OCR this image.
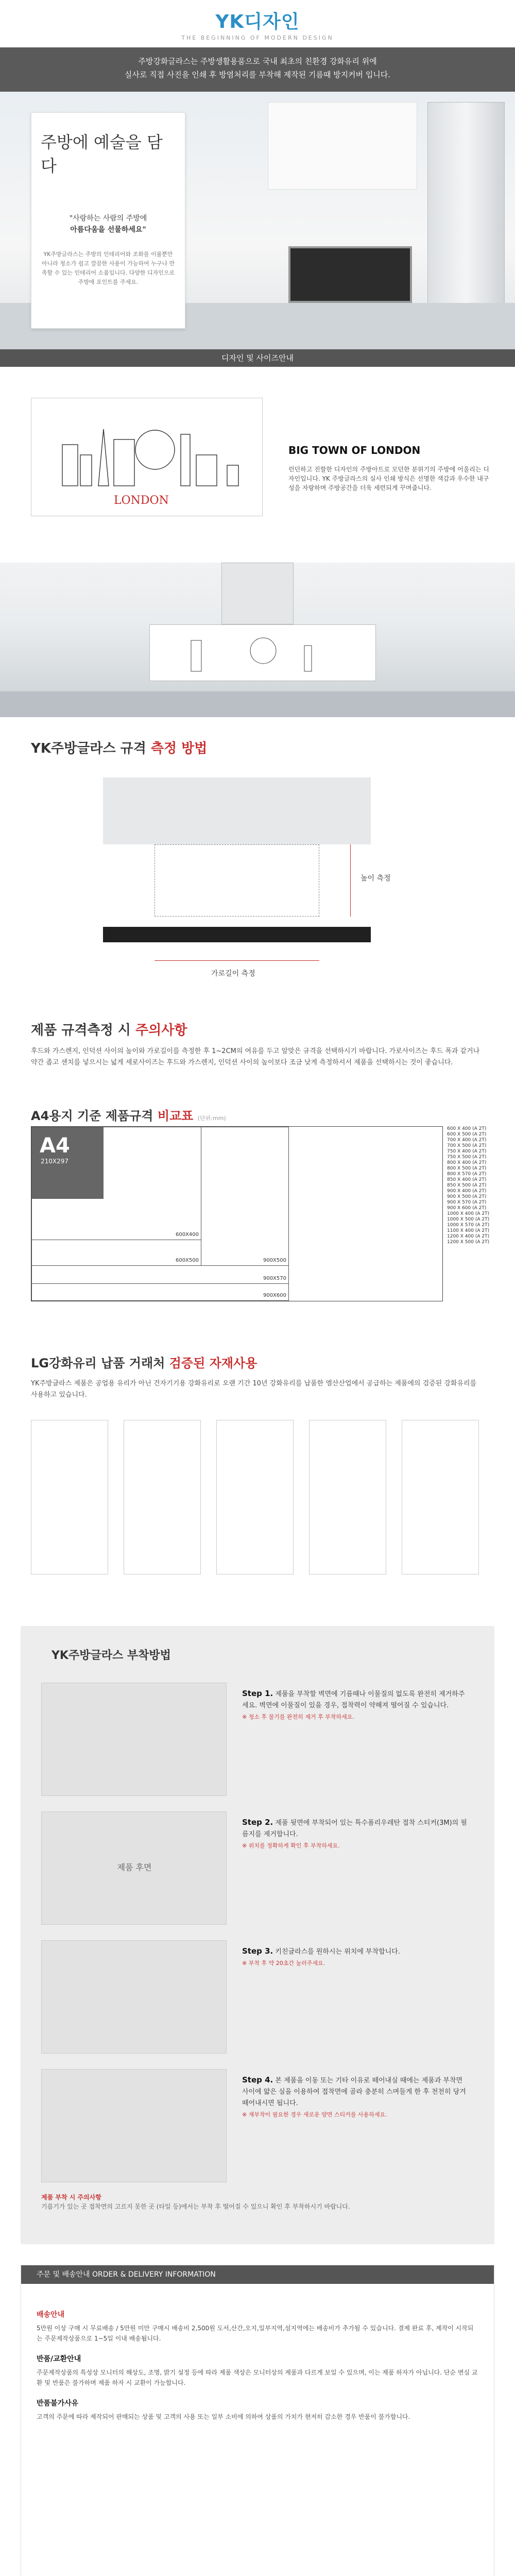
YK디자인
THE BEGINNING OF MODERN DESIGN
주방강화글라스는 주방생활용품으로 국내 최초의 친환경 강화유리 위에
실사로 직접 사진을 인쇄 후 방염처리를 부착해 제작된 기름때 방지커버 입니다.
주방에 예술을 담다
"사랑하는 사람의 주방에
아름다움을 선물하세요"
YK주방글라스는 주방의 인테리어와 조화를 이룰뿐만 아니라 청소가 쉽고 깔끔한 사용이 가능하여 누구나 만족할 수 있는 인테리어 소품입니다. 다양한 디자인으로 주방에 포인트를 주세요.
디자인 및 사이즈안내
LONDON
BIG TOWN OF LONDON
런던하고 진할한 디자인의 주방아트로 모던한 분위기의 주방에 어울리는 디자인입니다. YK 주방글라스의 실사 인쇄 방식은 선명한 색감과 우수한 내구성을 자랑하며 주방공간을 더욱 세련되게 꾸며줍니다.
YK주방글라스 규격 측정 방법
높이 측정
가로길이 측정
제품 규격측정 시 주의사항
후드와 가스렌지, 인덕션 사이의 높이와 가로길이를 측정한 후 1~2CM의 여유를 두고 알맞은 규격을 선택하시기 바랍니다. 가로사이즈는 후드 폭과 같거나 약간 좁고 센치를 넣으시는 넓게 세로사이즈는 후드와 가스렌지, 인덕션 사이의 높이보다 조금 낮게 측정하셔서 제품을 선택하시는 것이 좋습니다.
A4용지 기준 제품규격 비교표 (단위:mm)
A4
210X297
600X400
600X500	900X500
900X570
900X600
600 X 400 (A 2T)
600 X 500 (A 2T)
700 X 400 (A 2T)
700 X 500 (A 2T)
750 X 400 (A 2T)
750 X 500 (A 2T)
800 X 400 (A 2T)
800 X 500 (A 2T)
800 X 570 (A 2T)
850 X 400 (A 2T)
850 X 500 (A 2T)
900 X 400 (A 2T)
900 X 500 (A 2T)
900 X 570 (A 2T)
900 X 600 (A 2T)
1000 X 400 (A 2T)
1000 X 500 (A 2T)
1000 X 570 (A 2T)
1100 X 400 (A 2T)
1200 X 400 (A 2T)
1200 X 500 (A 2T)
LG강화유리 납품 거래처 검증된 자재사용
YK주방글라스 제품은 공업용 유리가 아닌 건자기기용 강화유리로 오랜 기간 10년 강화유리를 납품한 엘산산업에서 공급하는 제품에의 검증된 강화유리를 사용하고 있습니다.
YK주방글라스 부착방법
Step 1. 제품을 부착할 벽면에 기름때나 이물질의 없도록 완전히 제거하주세요. 벽면에 이물질이 있을 경우, 접착력이 약해져 떨어질 수 있습니다.
※ 청소 후 물기를 완전히 제거 후 부착하세요.
제품 후면
Step 2. 제품 뒷면에 부착되어 있는 특수폼리우레탄 접착 스티커(3M)의 필름지를 제거합니다.
※ 위치를 정확하게 확인 후 부착하세요.
Step 3. 키친글라스를 원하시는 위치에 부착합니다.
※ 부착 후 약 20초간 눌러주세요.
Step 4. 본 제품을 이동 또는 기타 이유로 떼어내실 때에는 제품과 부착면 사이에 얇은 실을 이용하여 접착면에 골라 충분히 스며들게 한 후 천천히 당겨 떼어내시면 됩니다.
※ 재부착이 필요한 경우 새로운 양면 스티커를 사용하세요.
제품 부착 시 주의사항
기름기가 있는 곳 접착면의 고르지 못한 곳 (타일 등)에서는 부착 후 떨어질 수 있으니 확인 후 부착하시기 바랍니다.
주문 및 배송안내 ORDER & DELIVERY INFORMATION
배송안내
5만원 이상 구매 시 무료배송 / 5만원 미만 구매시 배송비 2,500원 도서,산간,오지,일부지역,섬지역에는 배송비가 추가될 수 있습니다. 결제 완료 후, 제작이 시작되는 주문제작상품으로 1~5일 이내 배송됩니다.
반품/교환안내
주문제작상품의 특성상 모니터의 해상도, 조명, 밝기 설정 등에 따라 제품 색상은 모니터상의 제품과 다르게 보일 수 있으며, 이는 제품 하자가 아닙니다. 단순 변심 교환 및 반품은 불가하며 제품 하자 시 교환이 가능합니다.
반품불가사유
고객의 주문에 따라 제작되어 판매되는 상품 및 고객의 사용 또는 일부 소비에 의하여 상품의 가치가 현저히 감소한 경우 반품이 불가합니다.
